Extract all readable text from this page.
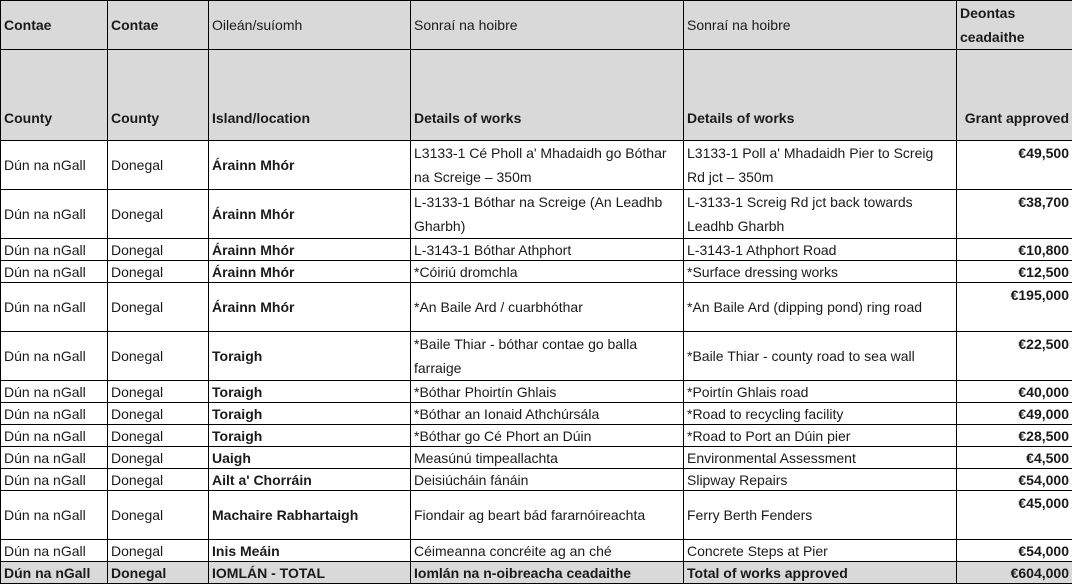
Contae	Contae	Oileán/suíomh	Sonraí na hoibre	Sonraí na hoibre	Deontas ceadaithe
County	County	Island/location	Details of works	Details of works	Grant approved
Dún na nGall	Donegal	Árainn Mhór	L3133-1 Cé Pholl a' Mhadaidh go Bóthar na Screige – 350m	L3133-1 Poll a' Mhadaidh Pier to Screig Rd jct – 350m	€49,500
Dún na nGall	Donegal	Árainn Mhór	L-3133-1 Bóthar na Screige (An Leadhb Gharbh)	L-3133-1 Screig Rd jct back towards Leadhb Gharbh	€38,700
Dún na nGall	Donegal	Árainn Mhór	L-3143-1 Bóthar Athphort	L-3143-1 Athphort Road	€10,800
Dún na nGall	Donegal	Árainn Mhór	*Cóiriú dromchla	*Surface dressing works	€12,500
Dún na nGall	Donegal	Árainn Mhór	*An Baile Ard / cuarbhóthar	*An Baile Ard (dipping pond) ring road	€195,000
Dún na nGall	Donegal	Toraigh	*Baile Thiar - bóthar contae go balla farraige	*Baile Thiar - county road to sea wall	€22,500
Dún na nGall	Donegal	Toraigh	*Bóthar Phoirtín Ghlais	*Poirtín Ghlais road	€40,000
Dún na nGall	Donegal	Toraigh	*Bóthar an Ionaid Athchúrsála	*Road to recycling facility	€49,000
Dún na nGall	Donegal	Toraigh	*Bóthar go Cé Phort an Dúin	*Road to Port an Dúin pier	€28,500
Dún na nGall	Donegal	Uaigh	Measúnú timpeallachta	Environmental Assessment	€4,500
Dún na nGall	Donegal	Ailt a' Chorráin	Deisiúcháin fánáin	Slipway Repairs	€54,000
Dún na nGall	Donegal	Machaire Rabhartaigh	Fiondair ag beart bád fararnóireachta	Ferry Berth Fenders	€45,000
Dún na nGall	Donegal	Inis Meáin	Céimeanna concréite ag an ché	Concrete Steps at Pier	€54,000
Dún na nGall	Donegal	IOMLÁN - TOTAL	Iomlán na n-oibreacha ceadaithe	Total of works approved	€604,000
